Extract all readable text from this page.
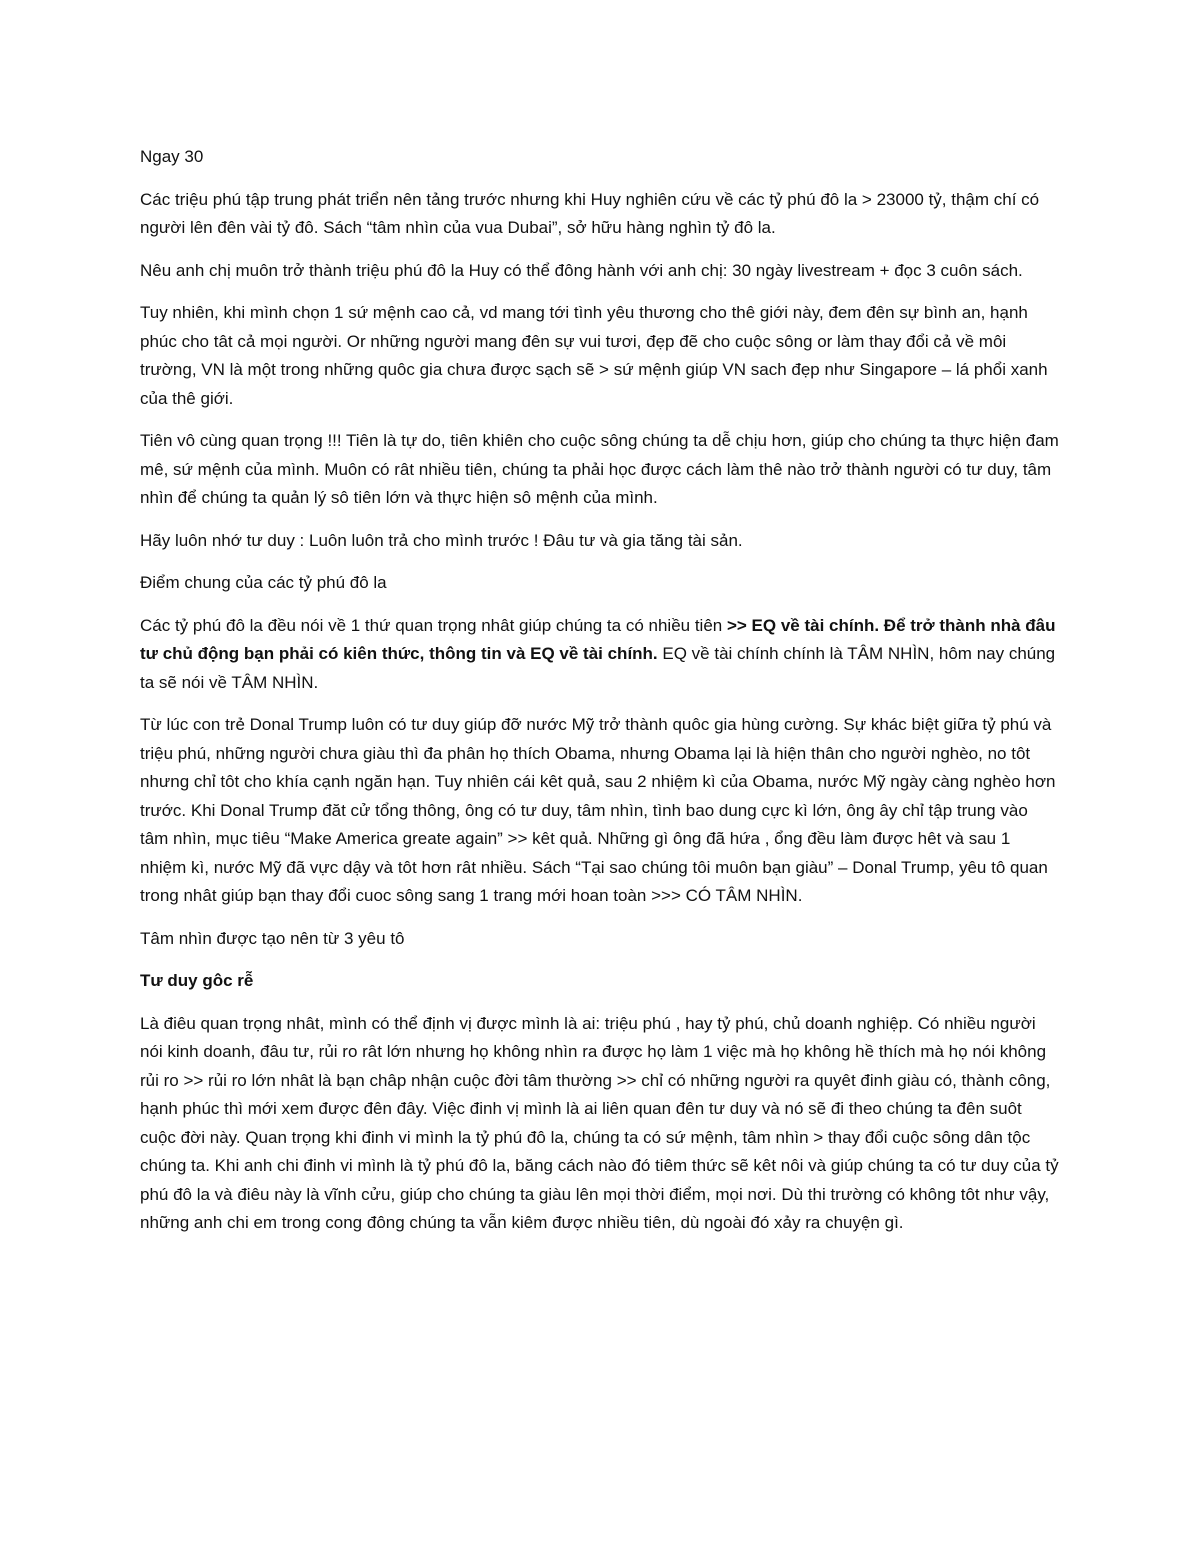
Ngay 30

Các triệu phú tập trung phát triển nên tảng trước nhưng khi Huy nghiên cứu về các tỷ phú đô la > 23000 tỷ, thậm chí có người lên đên vài tỷ đô. Sách “tâm nhìn của vua Dubai”, sở hữu hàng nghìn tỷ đô la.

Nêu anh chị muôn trở thành triệu phú đô la Huy có thể đông hành với anh chị: 30 ngày livestream + đọc 3 cuôn sách.

Tuy nhiên, khi mình chọn 1 sứ mệnh cao cả, vd mang tới tình yêu thương cho thê giới này, đem đên sự bình an, hạnh phúc cho tât cả mọi người. Or những người mang đên sự vui tươi, đẹp đẽ cho cuộc sông or làm thay đổi cả về môi trường, VN là một trong những quôc gia chưa được sạch sẽ > sứ mệnh giúp VN sach đẹp như Singapore – lá phổi xanh của thê giới.

Tiên vô cùng quan trọng !!! Tiên là tự do, tiên khiên cho cuộc sông chúng ta dễ chịu hơn, giúp cho chúng ta thực hiện đam mê, sứ mệnh của mình. Muôn có rât nhiều tiên, chúng ta phải học được cách làm thê nào trở thành người có tư duy, tâm nhìn để chúng ta quản lý sô tiên lớn và thực hiện sô mệnh của mình.

Hãy luôn nhớ tư duy : Luôn luôn trả cho mình trước ! Đâu tư và gia tăng tài sản.

Điểm chung của các tỷ phú đô la

Các tỷ phú đô la đều nói về 1 thứ quan trọng nhât giúp chúng ta có nhiều tiên >> EQ về tài chính. Để trở thành nhà đâu tư chủ động bạn phải có kiên thức, thông tin và EQ về tài chính. EQ về tài chính chính là TÂM NHÌN, hôm nay chúng ta sẽ nói về TÂM NHÌN.

Từ lúc con trẻ Donal Trump luôn có tư duy giúp đỡ nước Mỹ trở thành quôc gia hùng cường. Sự khác biệt giữa tỷ phú và triệu phú, những người chưa giàu thì đa phân họ thích Obama, nhưng Obama lại là hiện thân cho người nghèo, no tôt nhưng chỉ tôt cho khía cạnh ngăn hạn. Tuy nhiên cái kêt quả, sau 2 nhiệm kì của Obama, nước Mỹ ngày càng nghèo hơn trước. Khi Donal Trump đăt cử tổng thông, ông có tư duy, tâm nhìn, tình bao dung cực kì lớn, ông ây chỉ tập trung vào tâm nhìn, mục tiêu “Make America greate again” >> kêt quả. Những gì ông đã hứa , ổng đều làm được hêt và sau 1 nhiệm kì, nước Mỹ đã vực dậy và tôt hơn rât nhiều. Sách “Tại sao chúng tôi muôn bạn giàu” – Donal Trump, yêu tô quan trong nhât giúp bạn thay đổi cuoc sông sang 1 trang mới hoan toàn >>> CÓ TÂM NHÌN.

Tâm nhìn được tạo nên từ 3 yêu tô

Tư duy gôc rễ

Là điêu quan trọng nhât, mình có thể định vị được mình là ai: triệu phú , hay tỷ phú, chủ doanh nghiệp. Có nhiều người nói kinh doanh, đâu tư, rủi ro rât lớn nhưng họ không nhìn ra được họ làm 1 việc mà họ không hề thích mà họ nói không rủi ro >> rủi ro lớn nhât là bạn châp nhận cuộc đời tâm thường >> chỉ có những người ra quyêt đinh giàu có, thành công, hạnh phúc thì mới xem được đên đây. Việc đinh vị mình là ai liên quan đên tư duy và nó sẽ đi theo chúng ta đên suôt cuộc đời này. Quan trọng khi đinh vi mình la tỷ phú đô la, chúng ta có sứ mệnh, tâm nhìn > thay đổi cuộc sông dân tộc chúng ta. Khi anh chi đinh vi mình là tỷ phú đô la, băng cách nào đó tiêm thức sẽ kêt nôi và giúp chúng ta có tư duy của tỷ phú đô la và điêu này là vĩnh cửu, giúp cho chúng ta giàu lên mọi thời điểm, mọi nơi. Dù thi trường có không tôt như vậy, những anh chi em trong cong đông chúng ta vẫn kiêm được nhiều tiên, dù ngoài đó xảy ra chuyện gì.
